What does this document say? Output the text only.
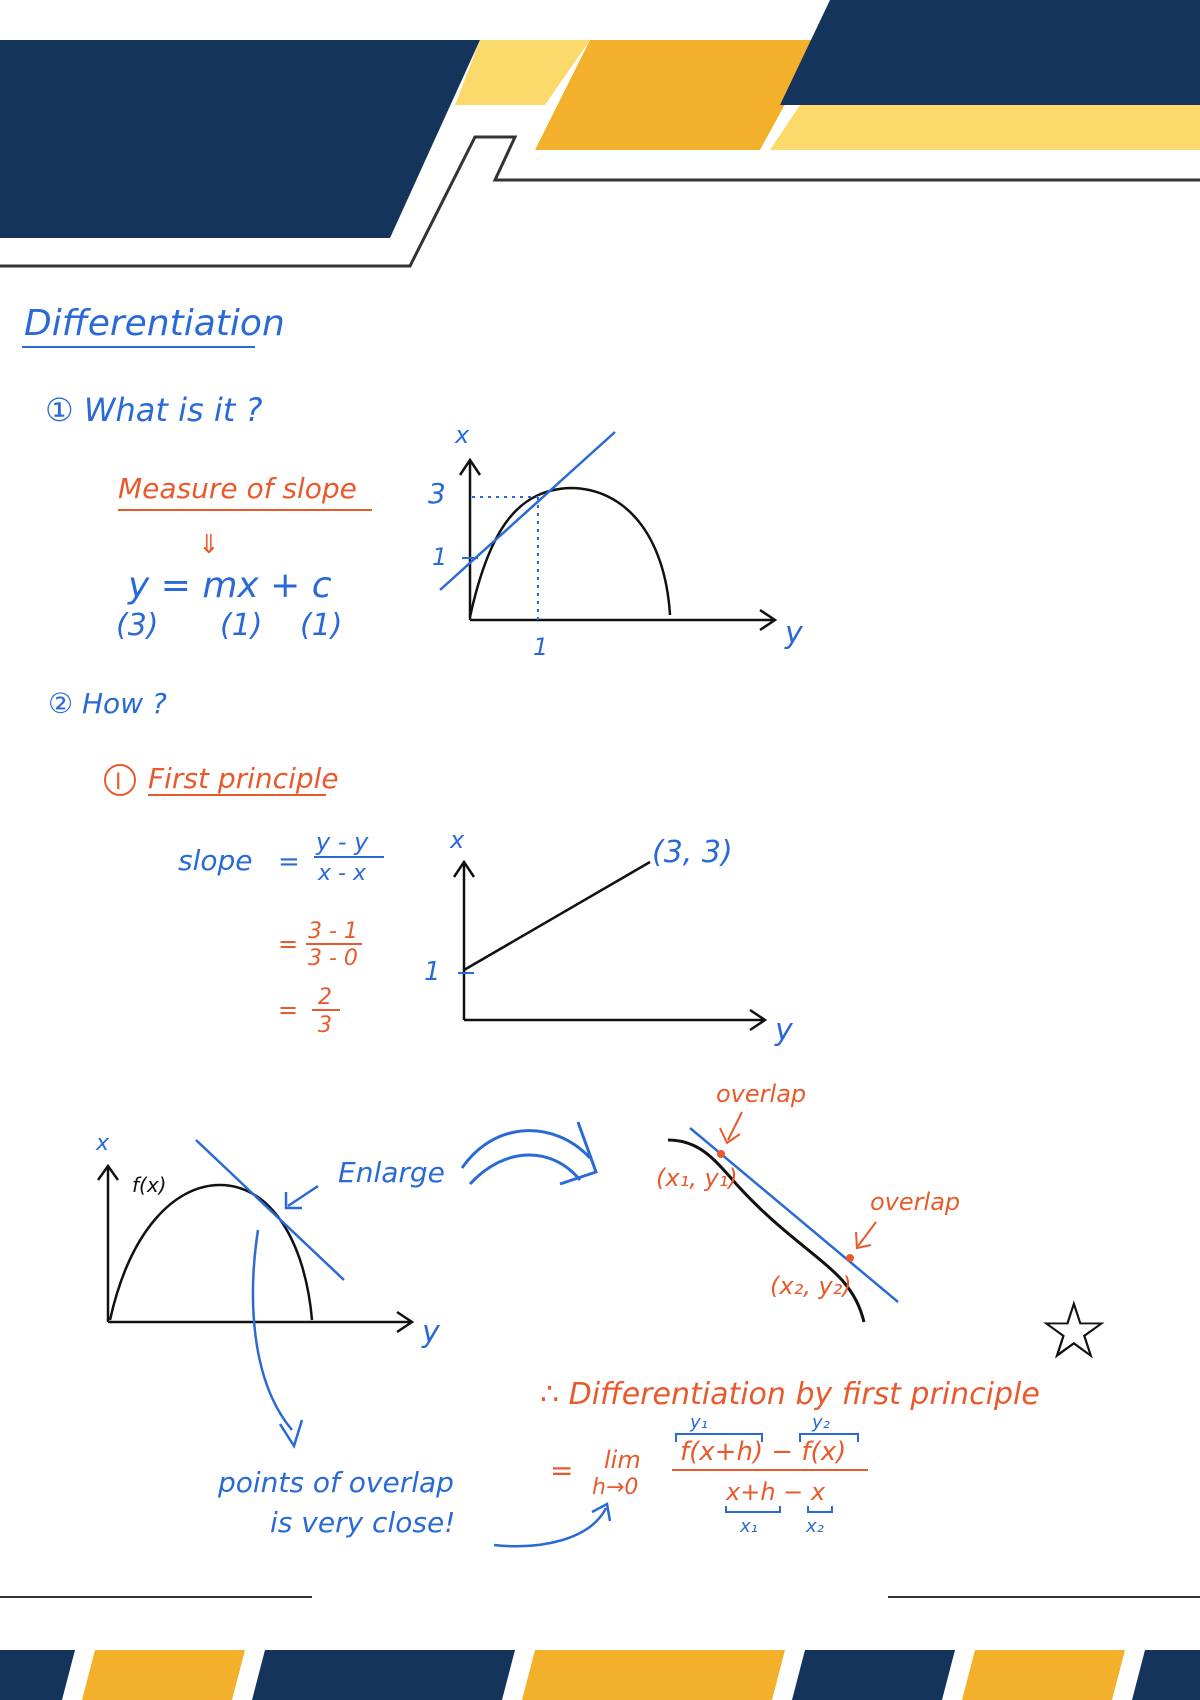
Differentiation
① What is it ?
Measure of slope
⇓
y = mx + c
(3) (1) (1)
x
y
3
1
1
② How ?
I First principle
slope =
y - y
x - x
= 3 - 1
3 - 0
= 2
3
x
y
1
(3, 3)
x
y
f(x)	Enlarge
overlap
(x₁, y₁)
overlap
(x₂, y₂) ☆
points of overlap
is very close!
∴ Differentiation by first principle
= lim
h→0
f(x+h) − f(x)
x+h − x
y₁	y₂
x₁	x₂
